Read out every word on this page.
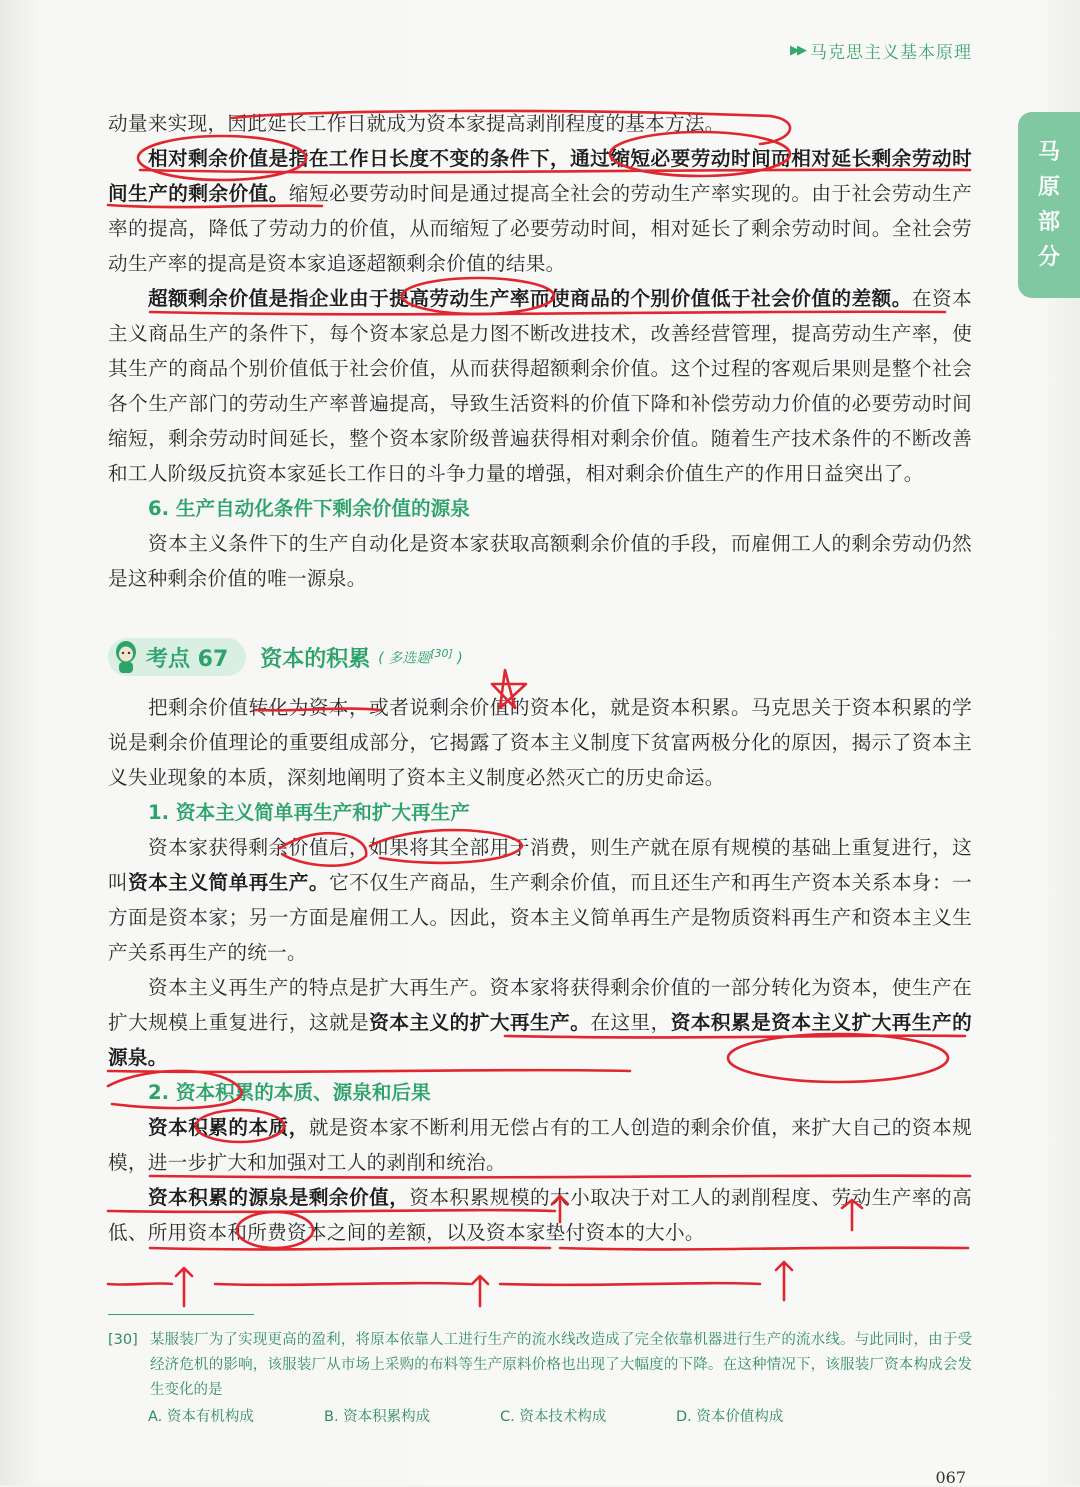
▶▶ 马克思主义基本原理
马
原
部
分

动量来实现，因此延长工作日就成为资本家提高剥削程度的基本方法。

相对剩余价值是指在工作日长度不变的条件下，通过缩短必要劳动时间而相对延长剩余劳动时间生产的剩余价值。缩短必要劳动时间是通过提高全社会的劳动生产率实现的。由于社会劳动生产率的提高，降低了劳动力的价值，从而缩短了必要劳动时间，相对延长了剩余劳动时间。全社会劳动生产率的提高是资本家追逐超额剩余价值的结果。

超额剩余价值是指企业由于提高劳动生产率而使商品的个别价值低于社会价值的差额。在资本主义商品生产的条件下，每个资本家总是力图不断改进技术，改善经营管理，提高劳动生产率，使其生产的商品个别价值低于社会价值，从而获得超额剩余价值。这个过程的客观后果则是整个社会各个生产部门的劳动生产率普遍提高，导致生活资料的价值下降和补偿劳动力价值的必要劳动时间缩短，剩余劳动时间延长，整个资本家阶级普遍获得相对剩余价值。随着生产技术条件的不断改善和工人阶级反抗资本家延长工作日的斗争力量的增强，相对剩余价值生产的作用日益突出了。

6. 生产自动化条件下剩余价值的源泉

资本主义条件下的生产自动化是资本家获取高额剩余价值的手段，而雇佣工人的剩余劳动仍然是这种剩余价值的唯一源泉。

考点 67 资本的积累 ( 多选题[30] )

把剩余价值转化为资本，或者说剩余价值的资本化，就是资本积累。马克思关于资本积累的学说是剩余价值理论的重要组成部分，它揭露了资本主义制度下贫富两极分化的原因，揭示了资本主义失业现象的本质，深刻地阐明了资本主义制度必然灭亡的历史命运。

1. 资本主义简单再生产和扩大再生产

资本家获得剩余价值后，如果将其全部用于消费，则生产就在原有规模的基础上重复进行，这叫资本主义简单再生产。它不仅生产商品，生产剩余价值，而且还生产和再生产资本关系本身：一方面是资本家；另一方面是雇佣工人。因此，资本主义简单再生产是物质资料再生产和资本主义生产关系再生产的统一。

资本主义再生产的特点是扩大再生产。资本家将获得剩余价值的一部分转化为资本，使生产在扩大规模上重复进行，这就是资本主义的扩大再生产。在这里，资本积累是资本主义扩大再生产的源泉。

2. 资本积累的本质、源泉和后果

资本积累的本质，就是资本家不断利用无偿占有的工人创造的剩余价值，来扩大自己的资本规模，进一步扩大和加强对工人的剥削和统治。

资本积累的源泉是剩余价值，资本积累规模的大小取决于对工人的剥削程度、劳动生产率的高低、所用资本和所费资本之间的差额，以及资本家垫付资本的大小。

[30] 某服装厂为了实现更高的盈利，将原本依靠人工进行生产的流水线改造成了完全依靠机器进行生产的流水线。与此同时，由于受经济危机的影响，该服装厂从市场上采购的布料等生产原料价格也出现了大幅度的下降。在这种情况下，该服装厂资本构成会发生变化的是
A. 资本有机构成	B. 资本积累构成	C. 资本技术构成	D. 资本价值构成
067
